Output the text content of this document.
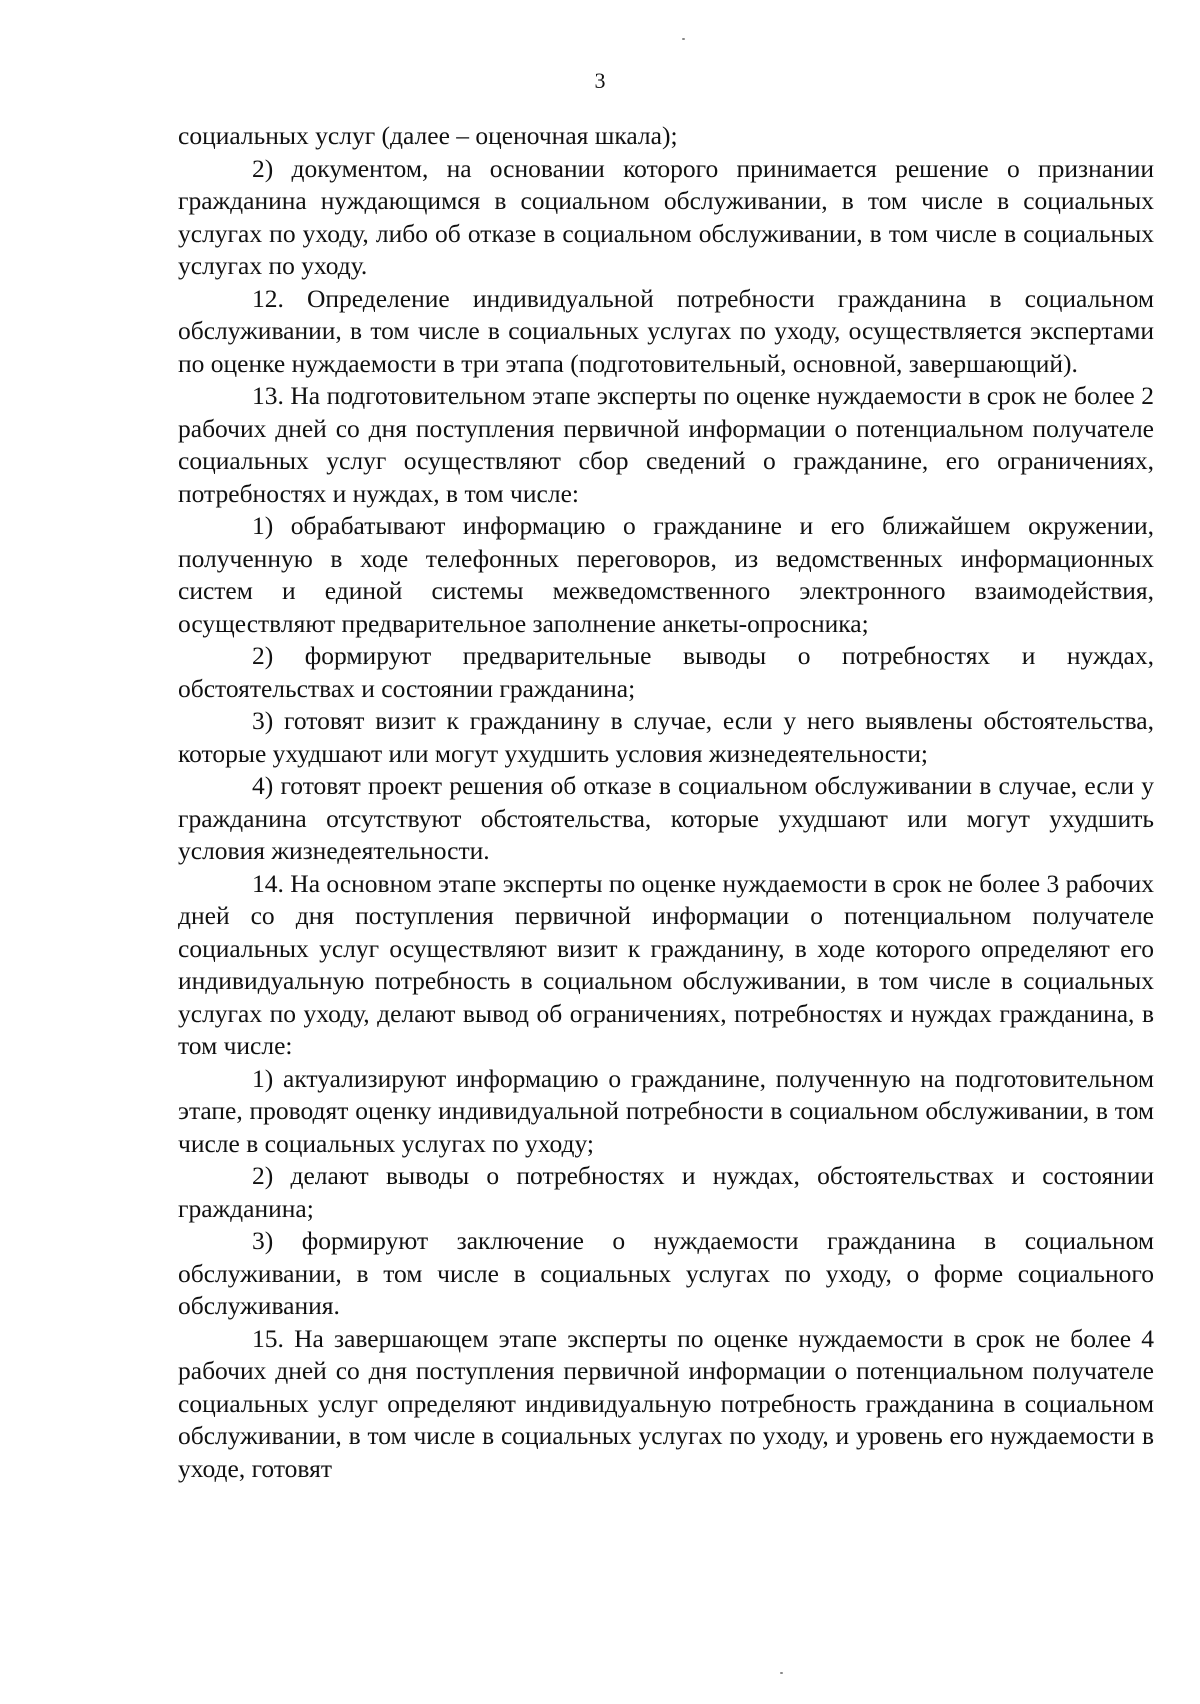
3

социальных услуг (далее – оценочная шкала);

2) документом, на основании которого принимается решение о признании гражданина нуждающимся в социальном обслуживании, в том числе в социальных услугах по уходу, либо об отказе в социальном обслуживании, в том числе в социальных услугах по уходу.

12. Определение индивидуальной потребности гражданина в социальном обслуживании, в том числе в социальных услугах по уходу, осуществляется экспертами по оценке нуждаемости в три этапа (подготовительный, основной, завершающий).

13. На подготовительном этапе эксперты по оценке нуждаемости в срок не более 2 рабочих дней со дня поступления первичной информации о потенциальном получателе социальных услуг осуществляют сбор сведений о гражданине, его ограничениях, потребностях и нуждах, в том числе:

1) обрабатывают информацию о гражданине и его ближайшем окружении, полученную в ходе телефонных переговоров, из ведомственных информационных систем и единой системы межведомственного электронного взаимодействия, осуществляют предварительное заполнение анкеты-опросника;

2) формируют предварительные выводы о потребностях и нуждах, обстоятельствах и состоянии гражданина;

3) готовят визит к гражданину в случае, если у него выявлены обстоятельства, которые ухудшают или могут ухудшить условия жизнедеятельности;

4) готовят проект решения об отказе в социальном обслуживании в случае, если у гражданина отсутствуют обстоятельства, которые ухудшают или могут ухудшить условия жизнедеятельности.

14. На основном этапе эксперты по оценке нуждаемости в срок не более 3 рабочих дней со дня поступления первичной информации о потенциальном получателе социальных услуг осуществляют визит к гражданину, в ходе которого определяют его индивидуальную потребность в социальном обслуживании, в том числе в социальных услугах по уходу, делают вывод об ограничениях, потребностях и нуждах гражданина, в том числе:

1) актуализируют информацию о гражданине, полученную на подготовительном этапе, проводят оценку индивидуальной потребности в социальном обслуживании, в том числе в социальных услугах по уходу;

2) делают выводы о потребностях и нуждах, обстоятельствах и состоянии гражданина;

3) формируют заключение о нуждаемости гражданина в социальном обслуживании, в том числе в социальных услугах по уходу, о форме социального обслуживания.

15. На завершающем этапе эксперты по оценке нуждаемости в срок не более 4 рабочих дней со дня поступления первичной информации о потенциальном получателе социальных услуг определяют индивидуальную потребность гражданина в социальном обслуживании, в том числе в социальных услугах по уходу, и уровень его нуждаемости в уходе, готовят
